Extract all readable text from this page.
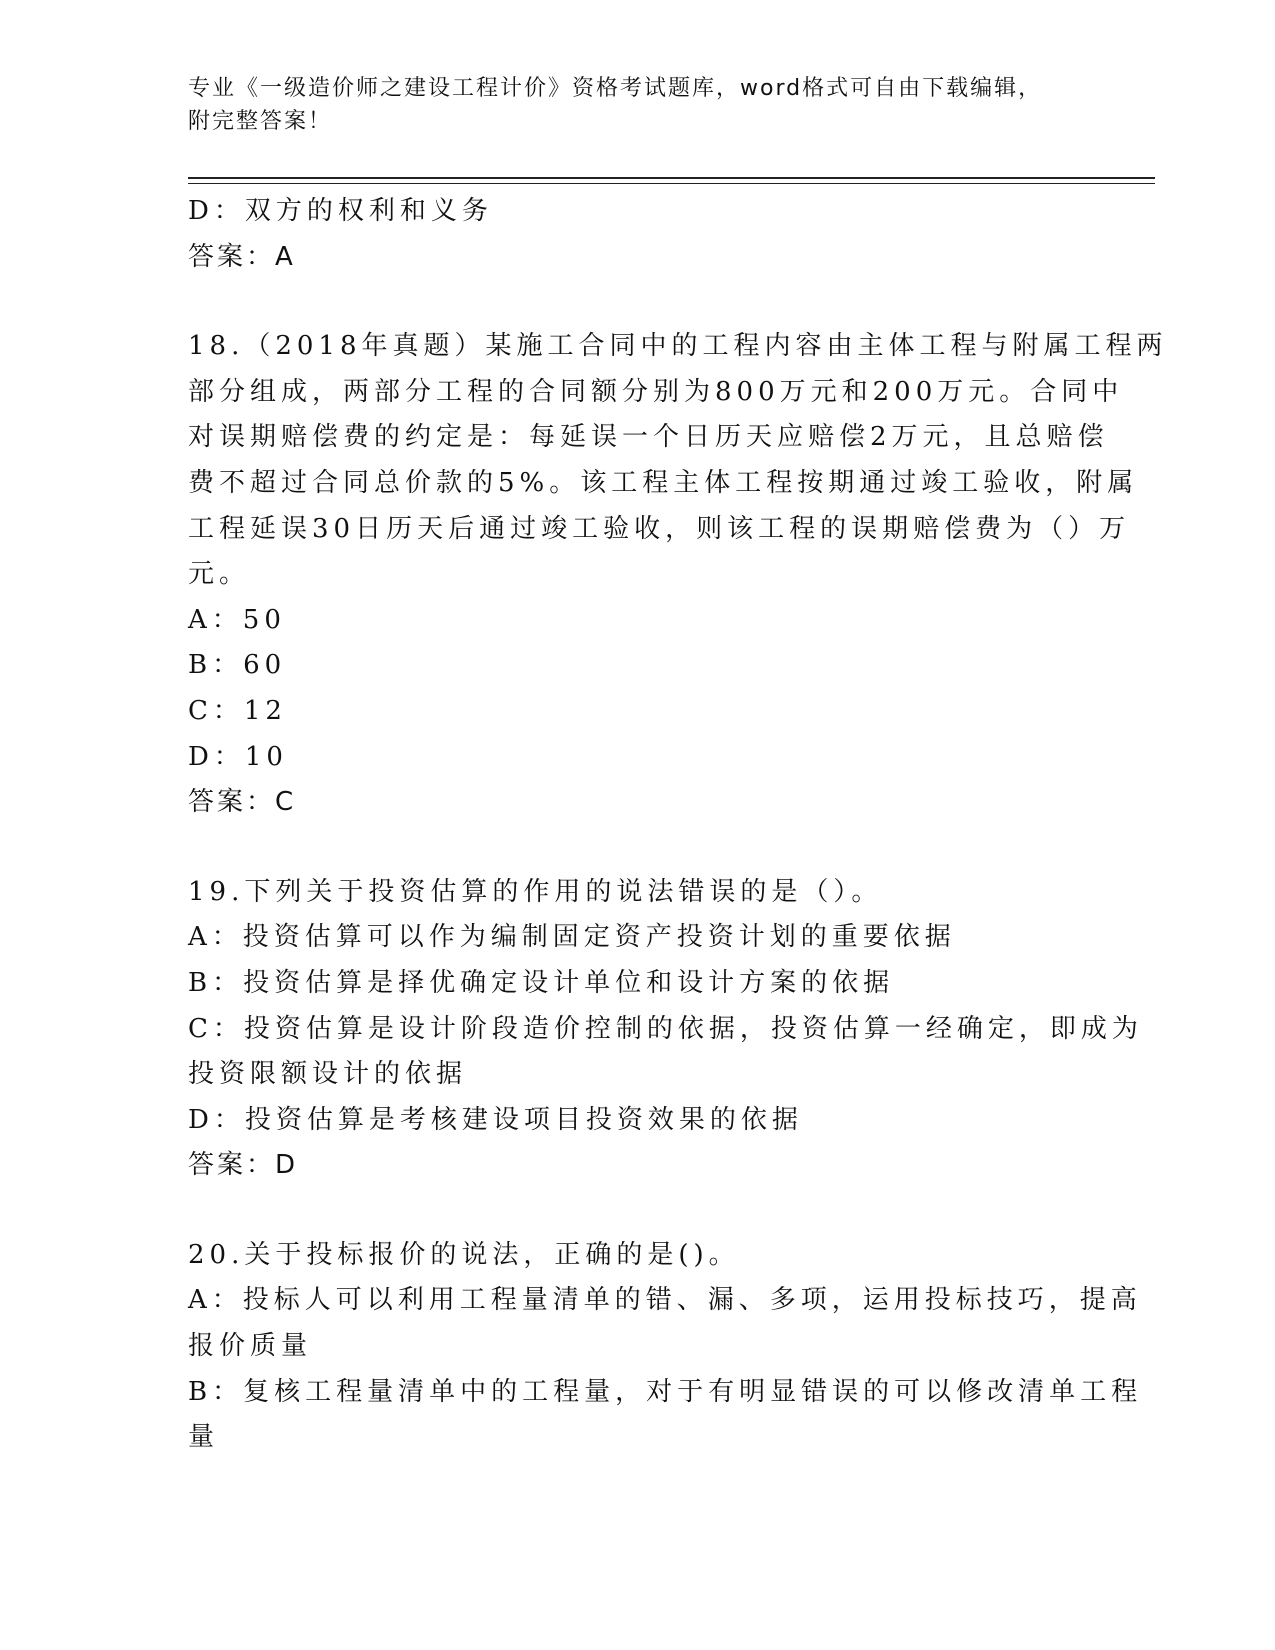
专业《一级造价师之建设工程计价》资格考试题库，word格式可自由下载编辑，
附完整答案！
D：双方的权利和义务
答案：A
18.（2018年真题）某施工合同中的工程内容由主体工程与附属工程两
部分组成，两部分工程的合同额分别为800万元和200万元。合同中
对误期赔偿费的约定是：每延误一个日历天应赔偿2万元，且总赔偿
费不超过合同总价款的5%。该工程主体工程按期通过竣工验收，附属
工程延误30日历天后通过竣工验收，则该工程的误期赔偿费为（）万
元。
A：50
B：60
C：12
D：10
答案：C
19.下列关于投资估算的作用的说法错误的是（）。
A：投资估算可以作为编制固定资产投资计划的重要依据
B：投资估算是择优确定设计单位和设计方案的依据
C：投资估算是设计阶段造价控制的依据，投资估算一经确定，即成为
投资限额设计的依据
D：投资估算是考核建设项目投资效果的依据
答案：D
20.关于投标报价的说法，正确的是()。
A：投标人可以利用工程量清单的错、漏、多项，运用投标技巧，提高
报价质量
B：复核工程量清单中的工程量，对于有明显错误的可以修改清单工程
量
